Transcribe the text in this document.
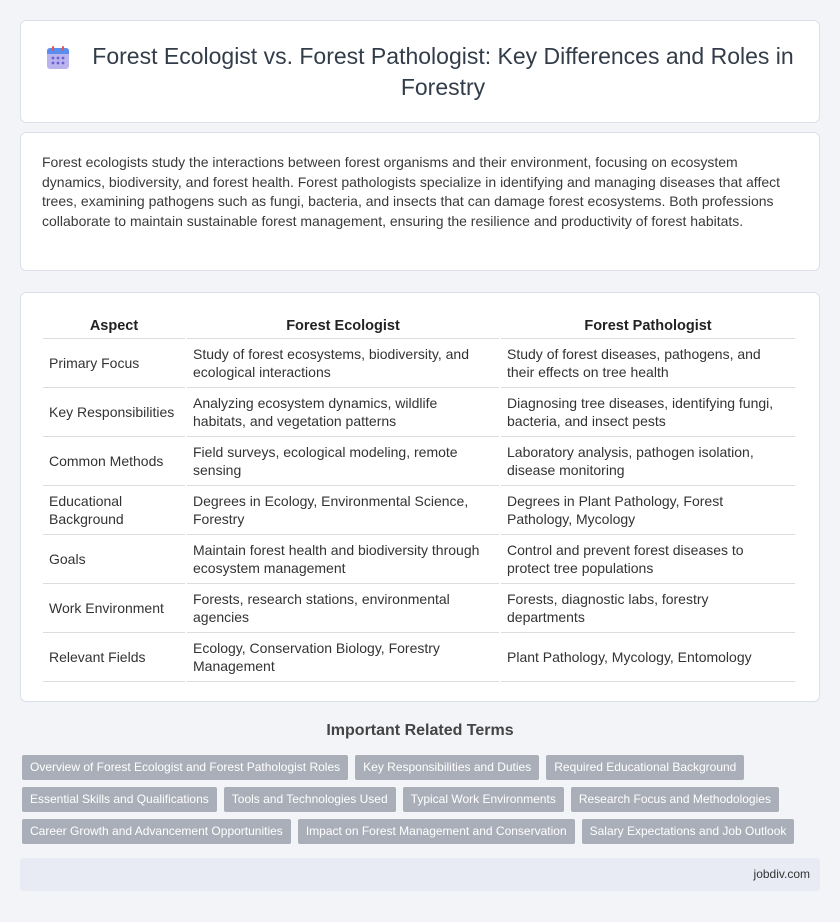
Forest Ecologist vs. Forest Pathologist: Key Differences and Roles in Forestry

Forest ecologists study the interactions between forest organisms and their environment, focusing on ecosystem dynamics, biodiversity, and forest health. Forest pathologists specialize in identifying and managing diseases that affect trees, examining pathogens such as fungi, bacteria, and insects that can damage forest ecosystems. Both professions collaborate to maintain sustainable forest management, ensuring the resilience and productivity of forest habitats.

Aspect	Forest Ecologist	Forest Pathologist
Primary Focus	Study of forest ecosystems, biodiversity, and ecological interactions	Study of forest diseases, pathogens, and their effects on tree health
Key Responsibilities	Analyzing ecosystem dynamics, wildlife habitats, and vegetation patterns	Diagnosing tree diseases, identifying fungi, bacteria, and insect pests
Common Methods	Field surveys, ecological modeling, remote sensing	Laboratory analysis, pathogen isolation, disease monitoring
Educational Background	Degrees in Ecology, Environmental Science, Forestry	Degrees in Plant Pathology, Forest Pathology, Mycology
Goals	Maintain forest health and biodiversity through ecosystem management	Control and prevent forest diseases to protect tree populations
Work Environment	Forests, research stations, environmental agencies	Forests, diagnostic labs, forestry departments
Relevant Fields	Ecology, Conservation Biology, Forestry Management	Plant Pathology, Mycology, Entomology
Important Related Terms
Overview of Forest Ecologist and Forest Pathologist Roles	Key Responsibilities and Duties	Required Educational Background
Essential Skills and Qualifications	Tools and Technologies Used	Typical Work Environments	Research Focus and Methodologies
Career Growth and Advancement Opportunities	Impact on Forest Management and Conservation	Salary Expectations and Job Outlook
jobdiv.com
